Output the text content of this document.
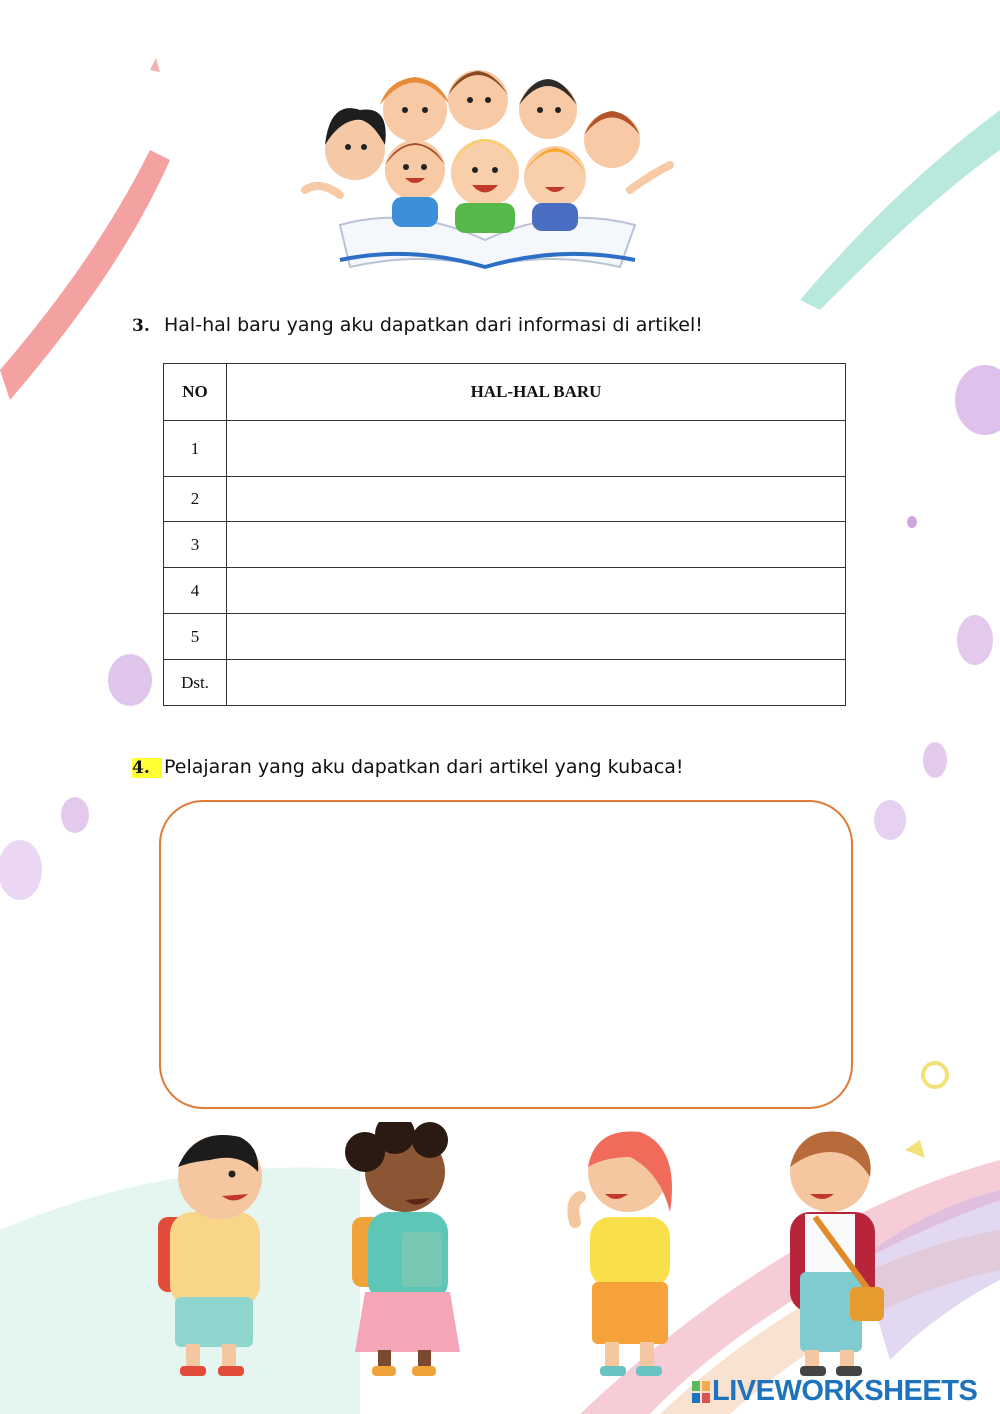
3. Hal-hal baru yang aku dapatkan dari informasi di artikel!
NO	HAL-HAL BARU
1	
2	
3	
4	
5	
Dst.	
4. Pelajaran yang aku dapatkan dari artikel yang kubaca!
LIVEWORKSHEETS
